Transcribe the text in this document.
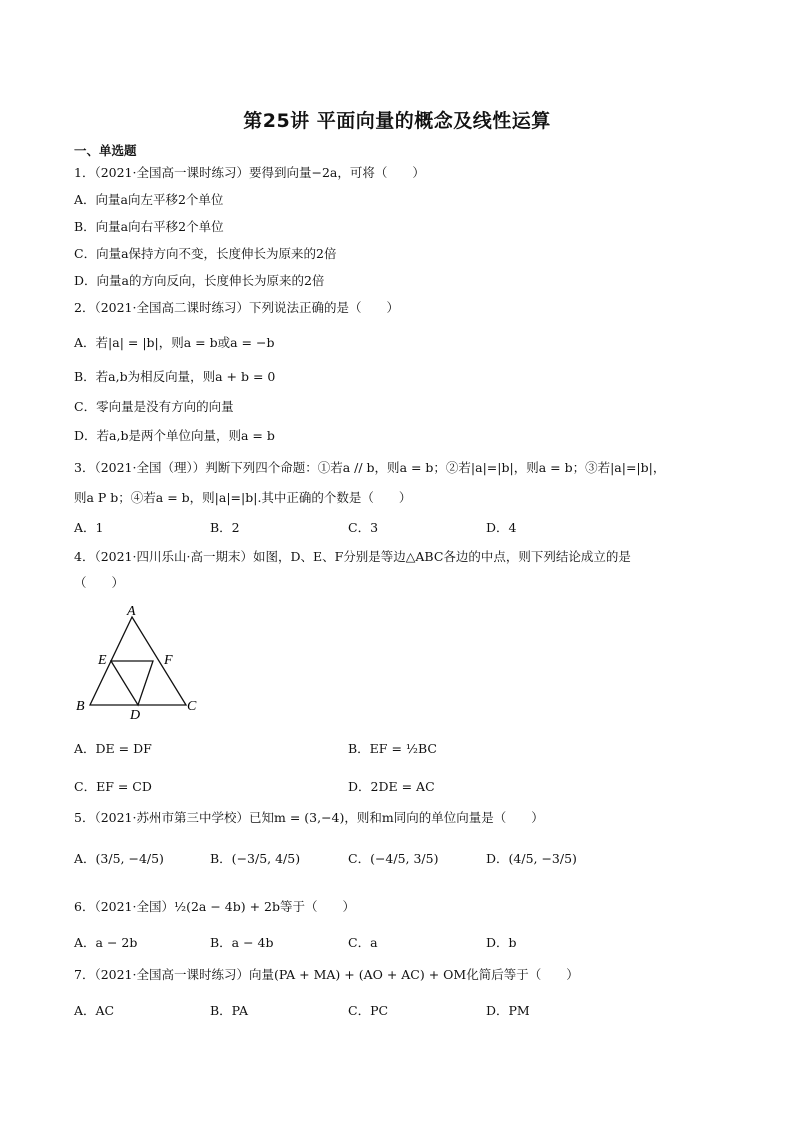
第25讲 平面向量的概念及线性运算
一、单选题
1．（2021·全国高一课时练习）要得到向量−2a，可将（　　）
A．向量a向左平移2个单位
B．向量a向右平移2个单位
C．向量a保持方向不变，长度伸长为原来的2倍
D．向量a的方向反向，长度伸长为原来的2倍
2．（2021·全国高二课时练习）下列说法正确的是（　　）
A．若|a| = |b|，则a = b或a = −b
B．若a,b为相反向量，则a + b = 0
C．零向量是没有方向的向量
D．若a,b是两个单位向量，则a = b
3．（2021·全国（理））判断下列四个命题：①若a // b，则a = b；②若|a|=|b|，则a = b；③若|a|=|b|，
则a P b；④若a = b，则|a|=|b|.其中正确的个数是（　　）
A．1	B．2	C．3	D．4
4．（2021·四川乐山·高一期末）如图，D、E、F分别是等边△ABC各边的中点，则下列结论成立的是
（　　）
A
B	C
D
E	F
A．DE = DF	B．EF = ½BC
C．EF = CD	D．2DE = AC
5．（2021·苏州市第三中学校）已知m = (3,−4)，则和m同向的单位向量是（　　）
A．(3/5, −4/5)	B．(−3/5, 4/5)	C．(−4/5, 3/5)	D．(4/5, −3/5)
6．（2021·全国）½(2a − 4b) + 2b等于（　　）
A．a − 2b	B．a − 4b	C．a	D．b
7．（2021·全国高一课时练习）向量(PA + MA) + (AO + AC) + OM化简后等于（　　）
A．AC	B．PA	C．PC	D．PM
